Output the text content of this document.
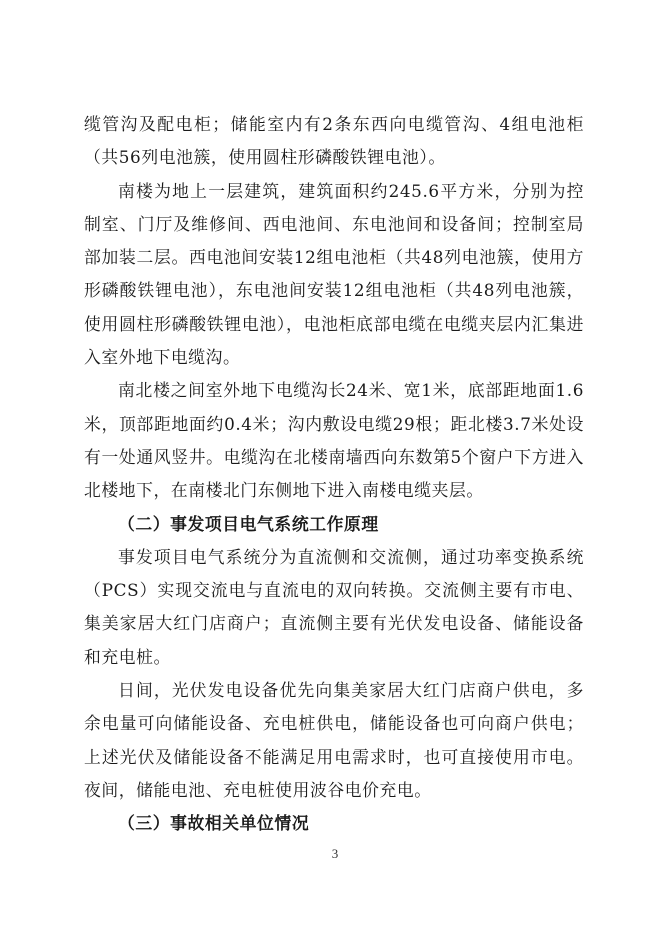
缆管沟及配电柜；储能室内有2条东西向电缆管沟、4组电池柜（共56列电池簇，使用圆柱形磷酸铁锂电池）。

南楼为地上一层建筑，建筑面积约245.6平方米，分别为控制室、门厅及维修间、西电池间、东电池间和设备间；控制室局部加装二层。西电池间安装12组电池柜（共48列电池簇，使用方形磷酸铁锂电池），东电池间安装12组电池柜（共48列电池簇，使用圆柱形磷酸铁锂电池），电池柜底部电缆在电缆夹层内汇集进入室外地下电缆沟。

南北楼之间室外地下电缆沟长24米、宽1米，底部距地面1.6米，顶部距地面约0.4米；沟内敷设电缆29根；距北楼3.7米处设有一处通风竖井。电缆沟在北楼南墙西向东数第5个窗户下方进入北楼地下，在南楼北门东侧地下进入南楼电缆夹层。

（二）事发项目电气系统工作原理

事发项目电气系统分为直流侧和交流侧，通过功率变换系统（PCS）实现交流电与直流电的双向转换。交流侧主要有市电、集美家居大红门店商户；直流侧主要有光伏发电设备、储能设备和充电桩。

日间，光伏发电设备优先向集美家居大红门店商户供电，多余电量可向储能设备、充电桩供电，储能设备也可向商户供电；上述光伏及储能设备不能满足用电需求时，也可直接使用市电。夜间，储能电池、充电桩使用波谷电价充电。

（三）事故相关单位情况

3
